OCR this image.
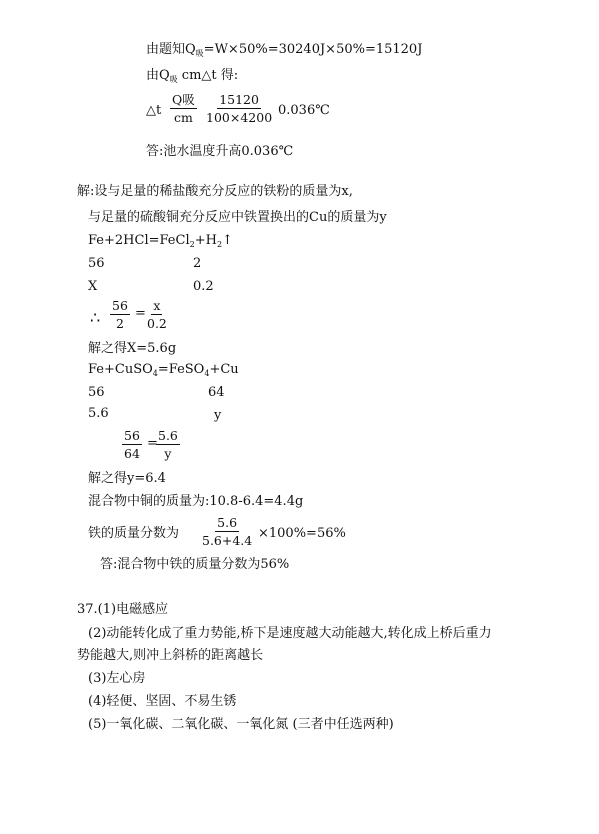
由题知$Q_吸=W\times 50\%=30240J\times 50\%=15120J$
由$Q_吸$ cm△t 得:
△t
Q吸
cm $\frac{15120}{100\times 4200}$ 0.036℃
答:池水温度升高0.036℃
解:设与足量的稀盐酸充分反应的铁粉的质量为x,
与足量的硫酸铜充分反应中铁置换出的Cu的质量为y
$Fe+2HCl=FeCl_2+H_2↑$
56	2
X	0.2
∴ $\frac{56}{2} = \frac{x}{0.2}$
解之得X=5.6g
Fe+CuSO$_4$=FeSO$_4$+Cu
56	64
5.6	y
$\frac{56}{64}$ =
$\frac{5.6}{y}$
解之得y=6.4
混合物中铜的质量为:10.8-6.4=4.4g
铁的质量分数为 $\frac{5.6}{5.6+4.4} \times 100\%=56\%$
答:混合物中铁的质量分数为56%
37.(1)电磁感应
(2)动能转化成了重力势能,桥下是速度越大动能越大,转化成上桥后重力
势能越大,则冲上斜桥的距离越长
(3)左心房
(4)轻便、坚固、不易生锈
(5)一氧化碳、二氧化碳、一氧化氮 (三者中任选两种)
